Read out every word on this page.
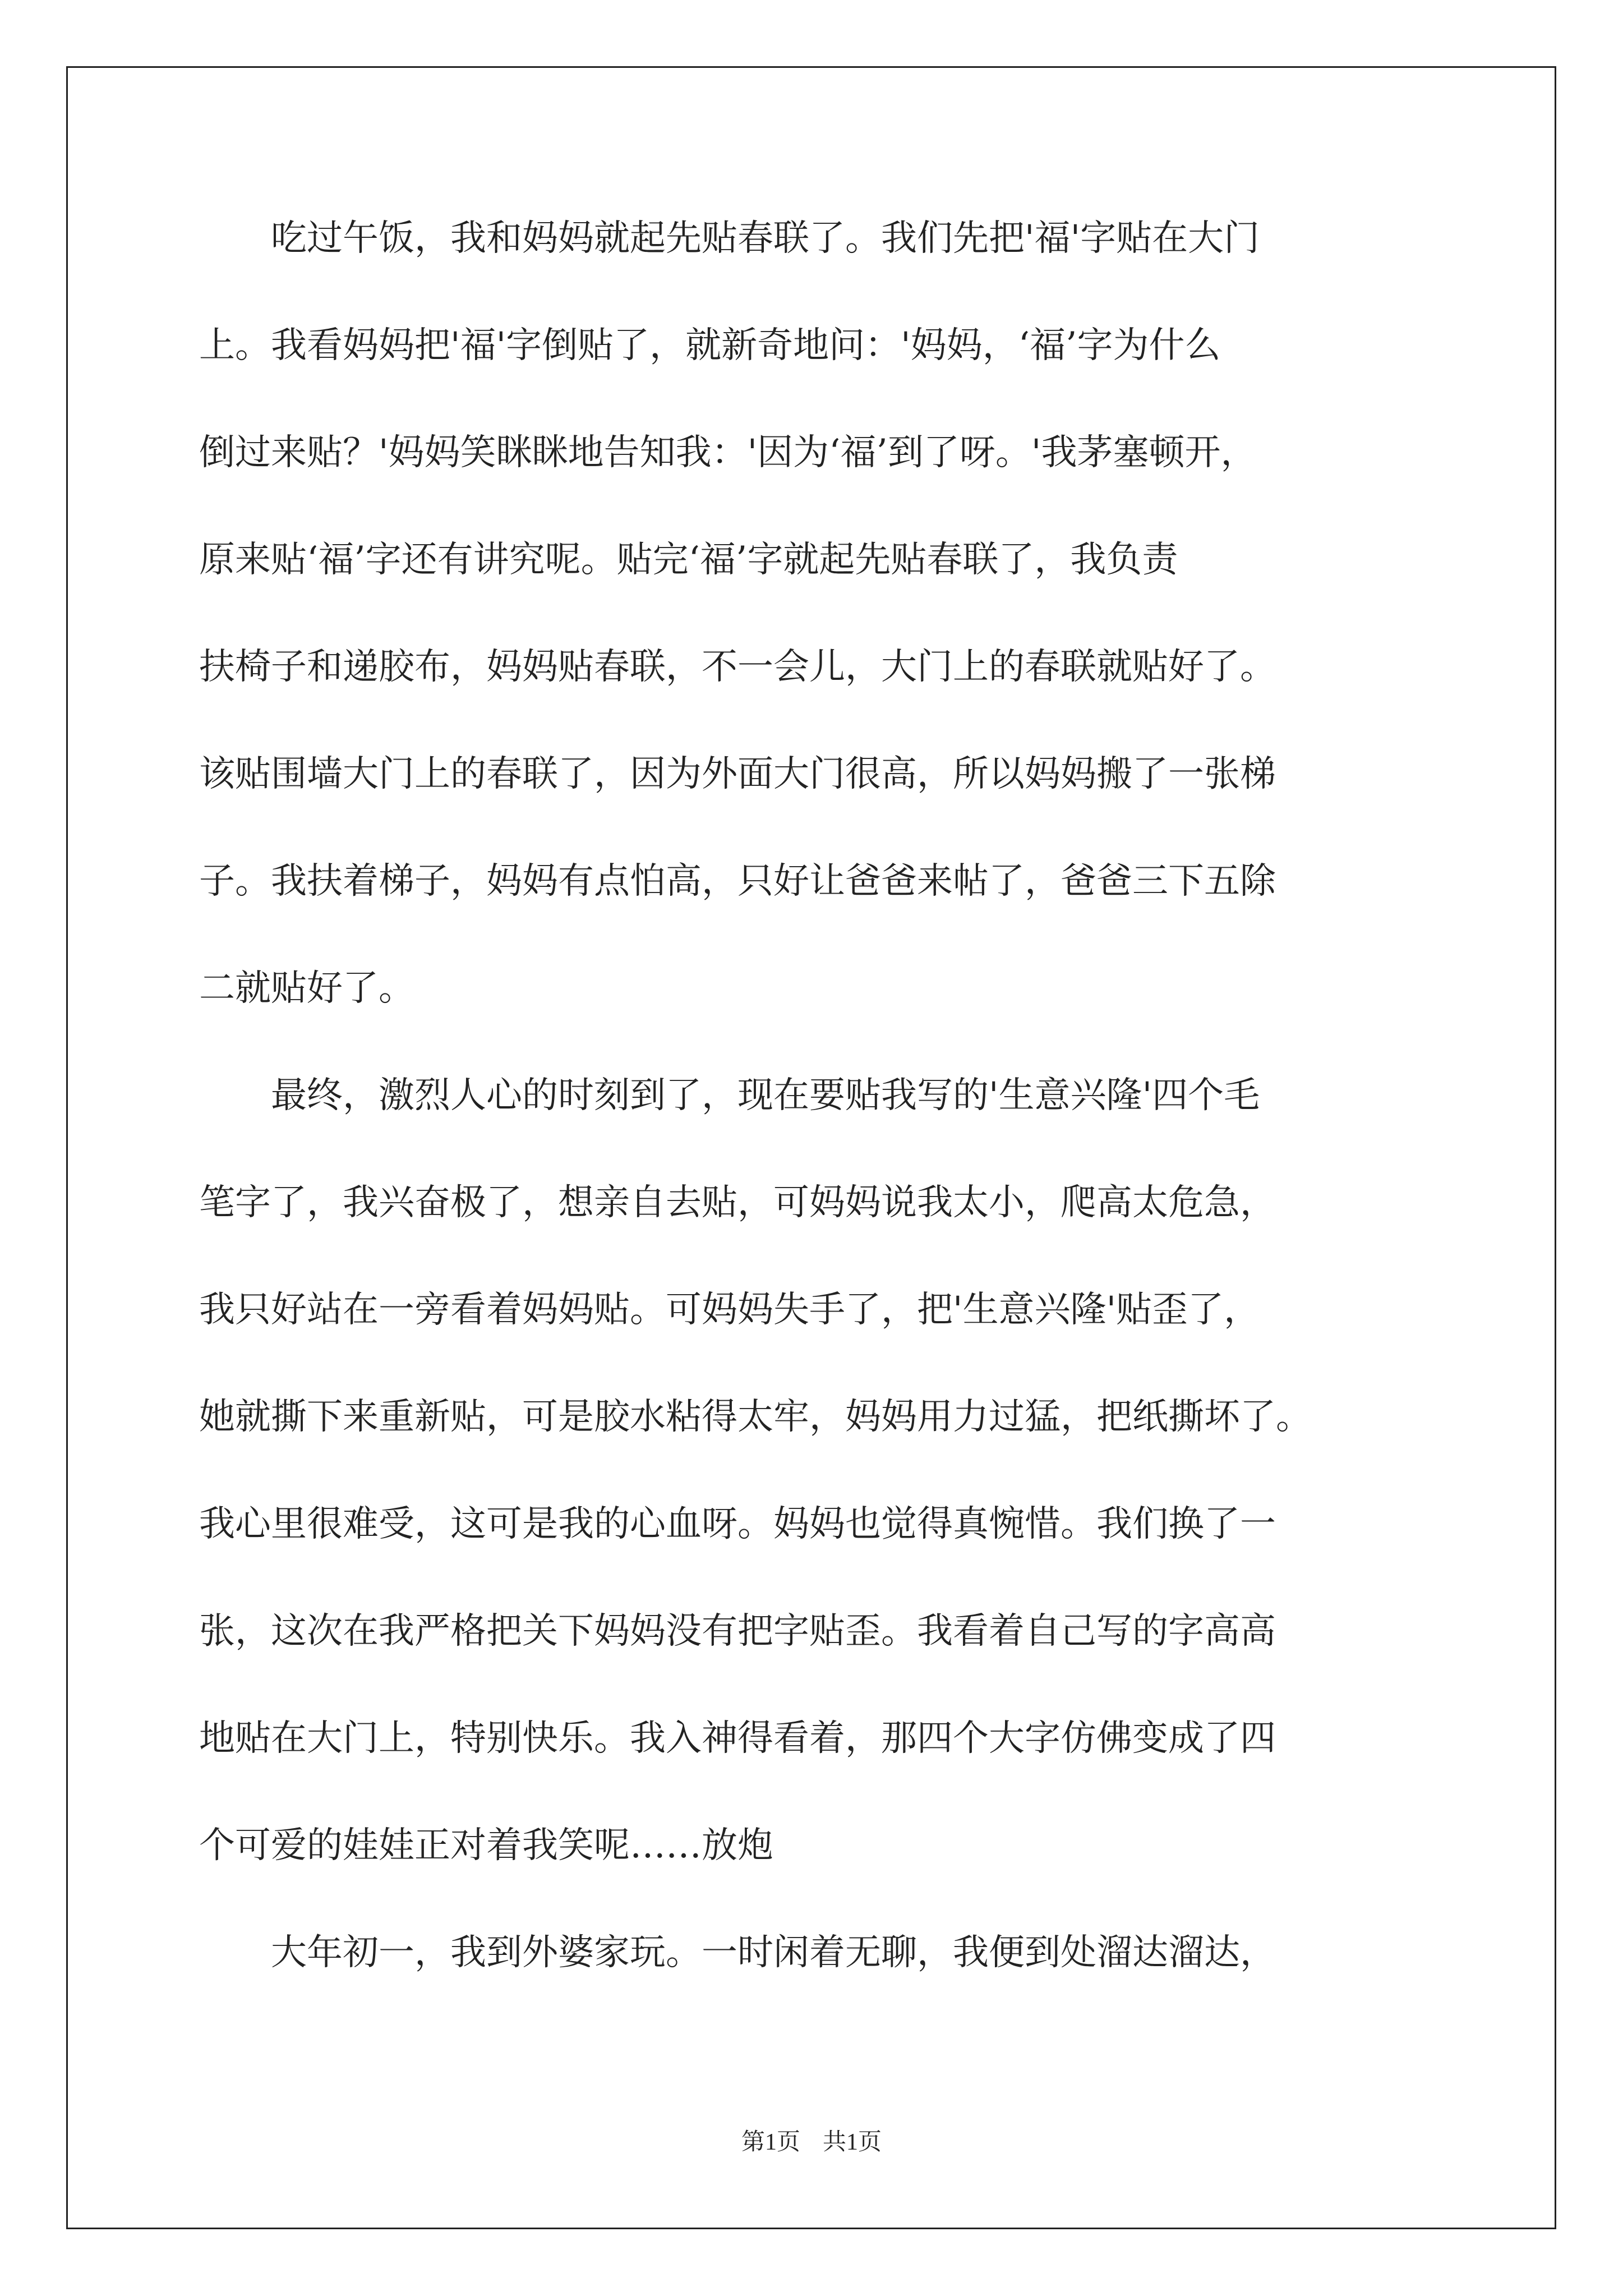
　　吃过午饭，我和妈妈就起先贴春联了。我们先把'福'字贴在大门
上。我看妈妈把'福'字倒贴了，就新奇地问：'妈妈，‘福’字为什么
倒过来贴？'妈妈笑眯眯地告知我：'因为‘福’到了呀。'我茅塞顿开，
原来贴‘福’字还有讲究呢。贴完‘福’字就起先贴春联了，我负责
扶椅子和递胶布，妈妈贴春联，不一会儿，大门上的春联就贴好了。
该贴围墙大门上的春联了，因为外面大门很高，所以妈妈搬了一张梯
子。我扶着梯子，妈妈有点怕高，只好让爸爸来帖了，爸爸三下五除
二就贴好了。
　　最终，激烈人心的时刻到了，现在要贴我写的'生意兴隆'四个毛
笔字了，我兴奋极了，想亲自去贴，可妈妈说我太小，爬高太危急，
我只好站在一旁看着妈妈贴。可妈妈失手了，把'生意兴隆'贴歪了，
她就撕下来重新贴，可是胶水粘得太牢，妈妈用力过猛，把纸撕坏了。
我心里很难受，这可是我的心血呀。妈妈也觉得真惋惜。我们换了一
张，这次在我严格把关下妈妈没有把字贴歪。我看着自己写的字高高
地贴在大门上，特别快乐。我入神得看着，那四个大字仿佛变成了四
个可爱的娃娃正对着我笑呢……放炮
　　大年初一，我到外婆家玩。一时闲着无聊，我便到处溜达溜达，
第1页 共1页
